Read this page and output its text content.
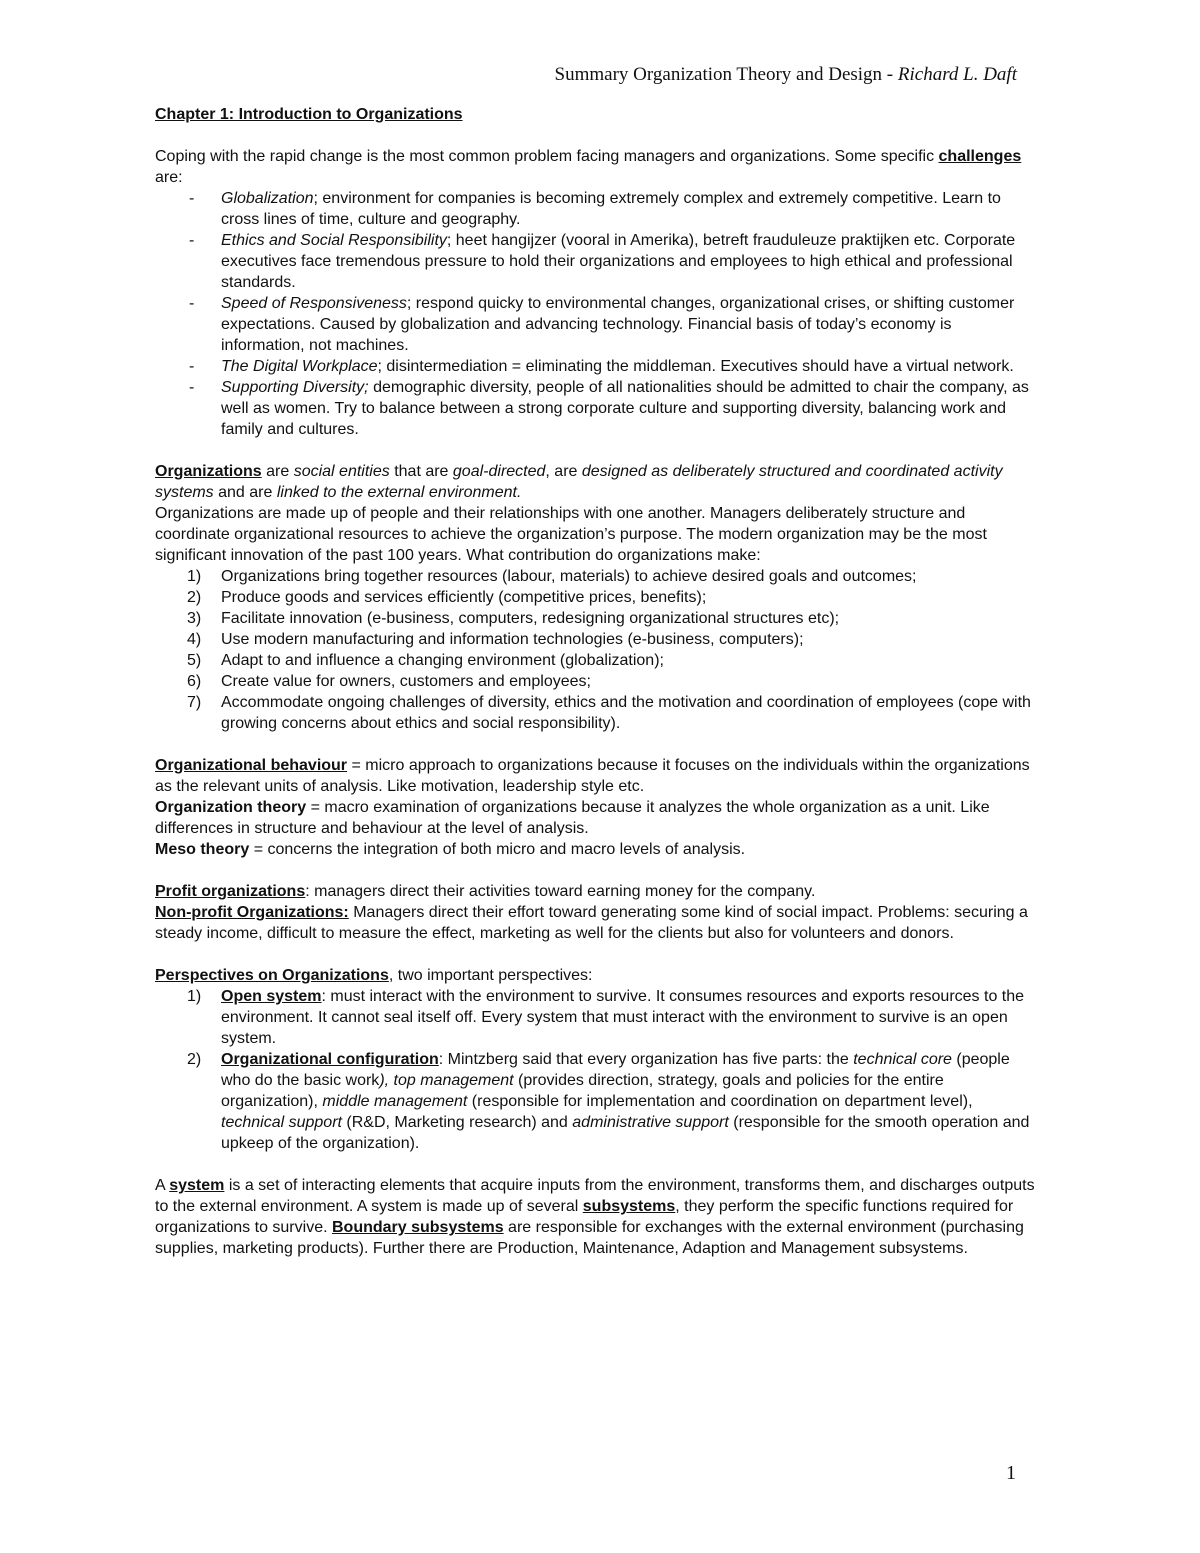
Summary Organization Theory and Design - Richard L. Daft

Chapter 1: Introduction to Organizations

Coping with the rapid change is the most common problem facing managers and organizations. Some specific challenges are:

- Globalization; environment for companies is becoming extremely complex and extremely competitive. Learn to cross lines of time, culture and geography.
- Ethics and Social Responsibility; heet hangijzer (vooral in Amerika), betreft frauduleuze praktijken etc. Corporate executives face tremendous pressure to hold their organizations and employees to high ethical and professional standards.
- Speed of Responsiveness; respond quicky to environmental changes, organizational crises, or shifting customer expectations. Caused by globalization and advancing technology. Financial basis of today’s economy is information, not machines.
- The Digital Workplace; disintermediation = eliminating the middleman. Executives should have a virtual network.
- Supporting Diversity; demographic diversity, people of all nationalities should be admitted to chair the company, as well as women. Try to balance between a strong corporate culture and supporting diversity, balancing work and family and cultures.

Organizations are social entities that are goal-directed, are designed as deliberately structured and coordinated activity systems and are linked to the external environment.

Organizations are made up of people and their relationships with one another. Managers deliberately structure and coordinate organizational resources to achieve the organization’s purpose. The modern organization may be the most significant innovation of the past 100 years. What contribution do organizations make:

1) Organizations bring together resources (labour, materials) to achieve desired goals and outcomes;
2) Produce goods and services efficiently (competitive prices, benefits);
3) Facilitate innovation (e-business, computers, redesigning organizational structures etc);
4) Use modern manufacturing and information technologies (e-business, computers);
5) Adapt to and influence a changing environment (globalization);
6) Create value for owners, customers and employees;
7) Accommodate ongoing challenges of diversity, ethics and the motivation and coordination of employees (cope with growing concerns about ethics and social responsibility).

Organizational behaviour = micro approach to organizations because it focuses on the individuals within the organizations as the relevant units of analysis. Like motivation, leadership style etc.

Organization theory = macro examination of organizations because it analyzes the whole organization as a unit. Like differences in structure and behaviour at the level of analysis.

Meso theory = concerns the integration of both micro and macro levels of analysis.

Profit organizations: managers direct their activities toward earning money for the company.

Non-profit Organizations: Managers direct their effort toward generating some kind of social impact. Problems: securing a steady income, difficult to measure the effect, marketing as well for the clients but also for volunteers and donors.

Perspectives on Organizations, two important perspectives:

1) Open system: must interact with the environment to survive. It consumes resources and exports resources to the environment. It cannot seal itself off. Every system that must interact with the environment to survive is an open system.
2) Organizational configuration: Mintzberg said that every organization has five parts: the technical core (people who do the basic work), top management (provides direction, strategy, goals and policies for the entire organization), middle management (responsible for implementation and coordination on department level), technical support (R&D, Marketing research) and administrative support (responsible for the smooth operation and upkeep of the organization).

A system is a set of interacting elements that acquire inputs from the environment, transforms them, and discharges outputs to the external environment. A system is made up of several subsystems, they perform the specific functions required for organizations to survive. Boundary subsystems are responsible for exchanges with the external environment (purchasing supplies, marketing products). Further there are Production, Maintenance, Adaption and Management subsystems.

1
